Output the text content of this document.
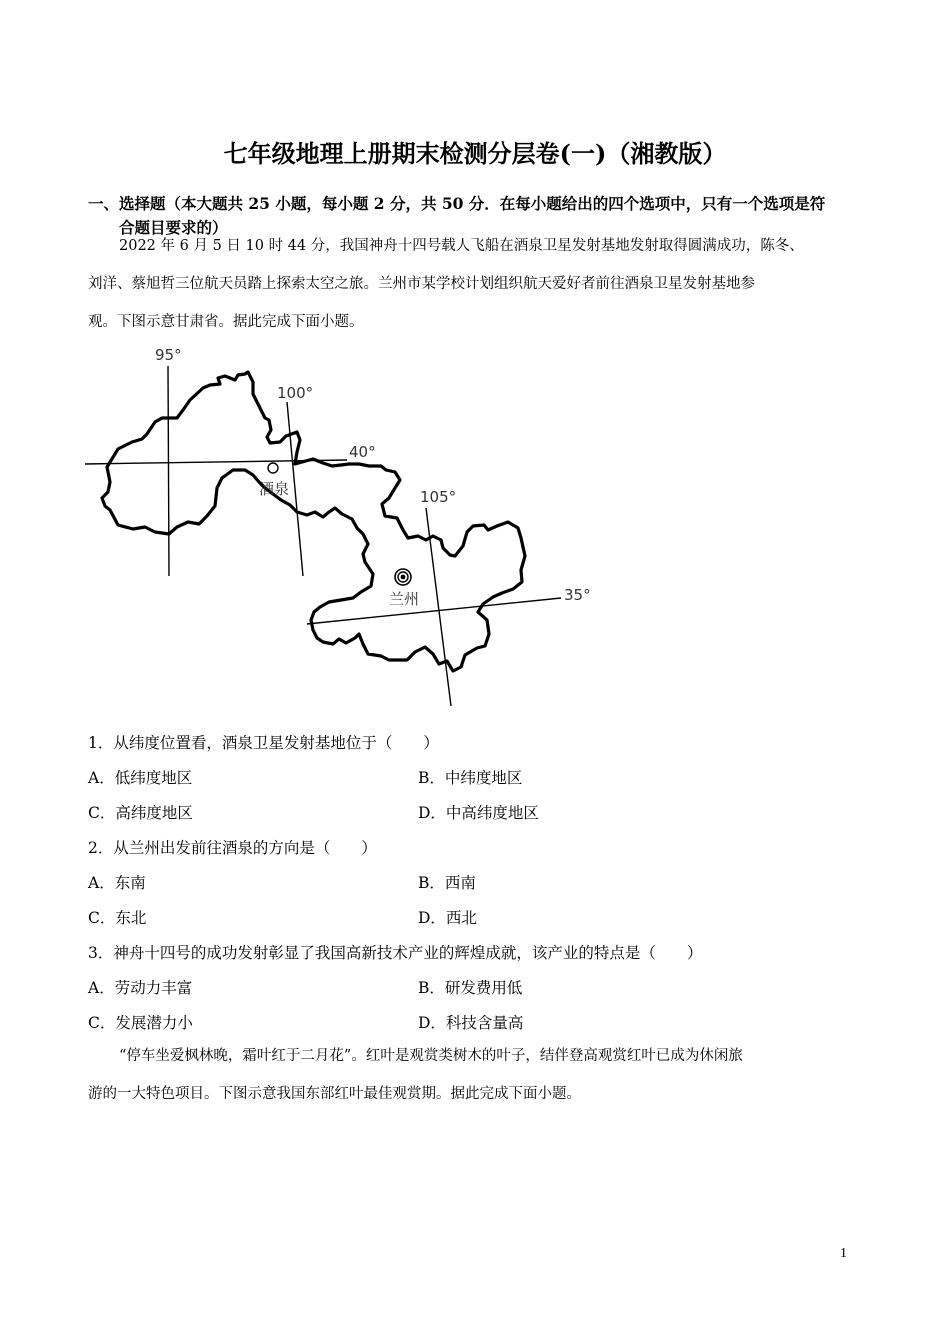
七年级地理上册期末检测分层卷(一)（湘教版）
一、选择题（本大题共 25 小题，每小题 2 分，共 50 分．在每小题给出的四个选项中，只有一个选项是符
合题目要求的）
2022 年 6 月 5 日 10 时 44 分，我国神舟十四号载人飞船在酒泉卫星发射基地发射取得圆满成功，陈冬、
刘洋、蔡旭哲三位航天员踏上探索太空之旅。兰州市某学校计划组织航天爱好者前往酒泉卫星发射基地参
观。下图示意甘肃省。据此完成下面小题。
95°
100°
105°
40°
35°
酒泉
兰州
1．从纬度位置看，酒泉卫星发射基地位于（　　）
A．低纬度地区	B．中纬度地区
C．高纬度地区	D．中高纬度地区
2．从兰州出发前往酒泉的方向是（　　）
A．东南	B．西南
C．东北	D．西北
3．神舟十四号的成功发射彰显了我国高新技术产业的辉煌成就，该产业的特点是（　　）
A．劳动力丰富	B．研发费用低
C．发展潜力小	D．科技含量高
“停车坐爱枫林晚，霜叶红于二月花”。红叶是观赏类树木的叶子，结伴登高观赏红叶已成为休闲旅
游的一大特色项目。下图示意我国东部红叶最佳观赏期。据此完成下面小题。
1
